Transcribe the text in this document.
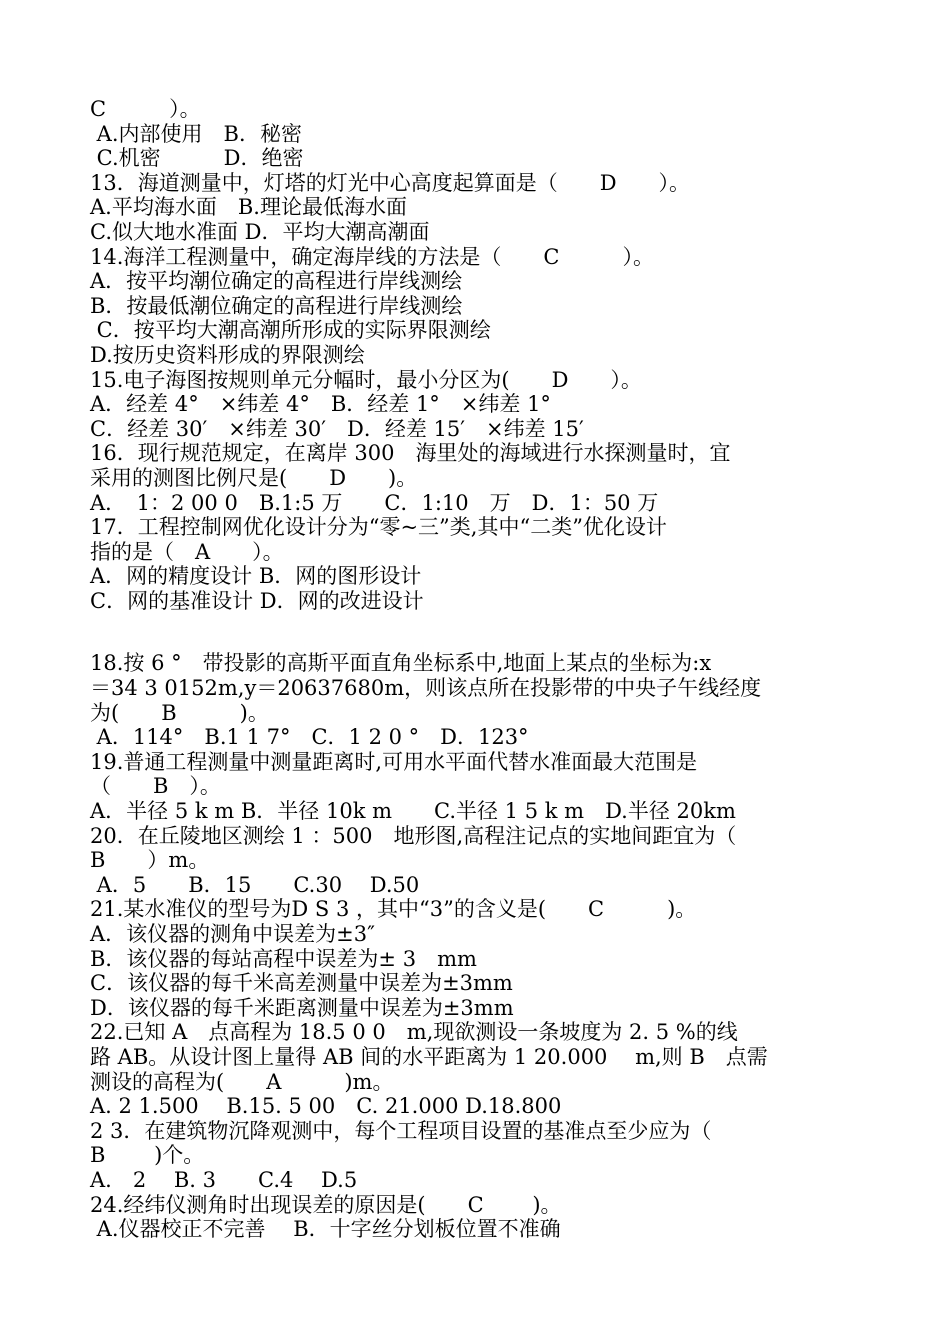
C　　　）。
A.内部使用　B．秘密
C.机密　　　D．绝密
13．海道测量中，灯塔的灯光中心高度起算面是（　　D　　）。
A.平均海水面　B.理论最低海水面
C.似大地水准面 D．平均大潮高潮面
14.海洋工程测量中，确定海岸线的方法是（　　C　　　）。
A．按平均潮位确定的高程进行岸线测绘
B．按最低潮位确定的高程进行岸线测绘
C．按平均大潮高潮所形成的实际界限测绘
D.按历史资料形成的界限测绘
15.电子海图按规则单元分幅时，最小分区为(　　D　　）。
A．经差 4°　×纬差 4°　B．经差 1°　×纬差 1°
C．经差 30′　×纬差 30′　D．经差 15′　×纬差 15′
16．现行规范规定，在离岸 300　海里处的海域进行水探测量时，宜
采用的测图比例尺是(　　D　　)。
A．　1：2 00 0　B.1:5 万　　C．1:10　万　D．1：50 万
17．工程控制网优化设计分为“零~三”类,其中“二类”优化设计
指的是（　A　　）。
A．网的精度设计 B．网的图形设计
C．网的基准设计 D．网的改进设计
18.按 6 °　带投影的高斯平面直角坐标系中,地面上某点的坐标为:x
＝34 3 0152m,y＝20637680m，则该点所在投影带的中央子午线经度
为(　　B　　　)。
A．114°　B.1 1 7°　C．1 2 0 °　D．123°
19.普通工程测量中测量距离时,可用水平面代替水准面最大范围是
（　　B　）。
A．半径 5 k m B．半径 10k m　　C.半径 1 5 k m　D.半径 20km
20．在丘陵地区测绘 1 ：500　地形图,高程注记点的实地间距宜为（
B　　）m。
A．5　　B．15　　C.30　 D.50
21.某水准仪的型号为D S 3 ，其中“3”的含义是(　　C　　　)。
A．该仪器的测角中误差为±3″
B．该仪器的每站高程中误差为± 3　mm
C．该仪器的每千米高差测量中误差为±3mm
D．该仪器的每千米距离测量中误差为±3mm
22.已知 A　点高程为 18.5 0 0　m,现欲测设一条坡度为 2. 5 %的线
路 AB。从设计图上量得 AB 间的水平距离为 1 20.000　 m,则 B　点需
测设的高程为(　　A　　　)m。
A. 2 1.500　 B.15. 5 00　C. 21.000 D.18.800
2 3．在建筑物沉降观测中，每个工程项目设置的基准点至少应为（
B　　 )个。
A.　2　 B. 3　　C.4　 D.5
24.经纬仪测角时出现误差的原因是(　　C　　 )。
A.仪器校正不完善　 B．十字丝分划板位置不准确
